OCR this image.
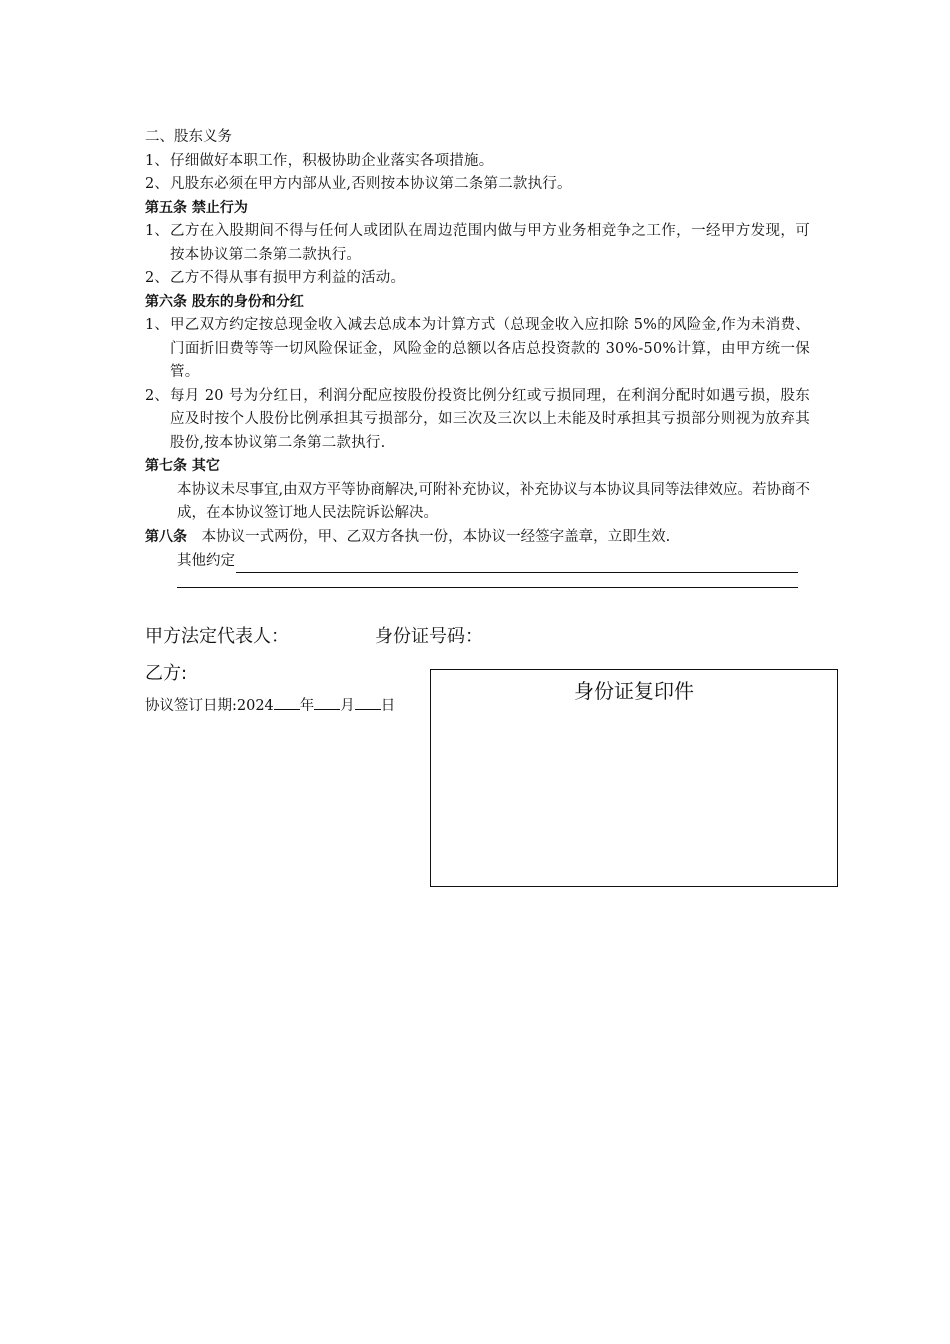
二、股东义务
1、 仔细做好本职工作，积极协助企业落实各项措施。
2、 凡股东必须在甲方内部从业,否则按本协议第二条第二款执行。
第五条 禁止行为
1、 乙方在入股期间不得与任何人或团队在周边范围内做与甲方业务相竞争之工作，一经甲方发现，可按本协议第二条第二款执行。
2、 乙方不得从事有损甲方利益的活动。
第六条 股东的身份和分红
1、 甲乙双方约定按总现金收入减去总成本为计算方式（总现金收入应扣除 5%的风险金,作为未消费、门面折旧费等等一切风险保证金，风险金的总额以各店总投资款的 30%-50%计算，由甲方统一保管。
2、 每月 20 号为分红日，利润分配应按股份投资比例分红或亏损同理，在利润分配时如遇亏损，股东应及时按个人股份比例承担其亏损部分，如三次及三次以上未能及时承担其亏损部分则视为放弃其股份,按本协议第二条第二款执行.
第七条 其它
本协议未尽事宜,由双方平等协商解决,可附补充协议，补充协议与本协议具同等法律效应。若协商不成，在本协议签订地人民法院诉讼解决。
第八条 本协议一式两份，甲、乙双方各执一份，本协议一经签字盖章，立即生效.
其他约定
甲方法定代表人：	身份证号码：
乙方:
协议签订日期:2024 年 月 日
身份证复印件
